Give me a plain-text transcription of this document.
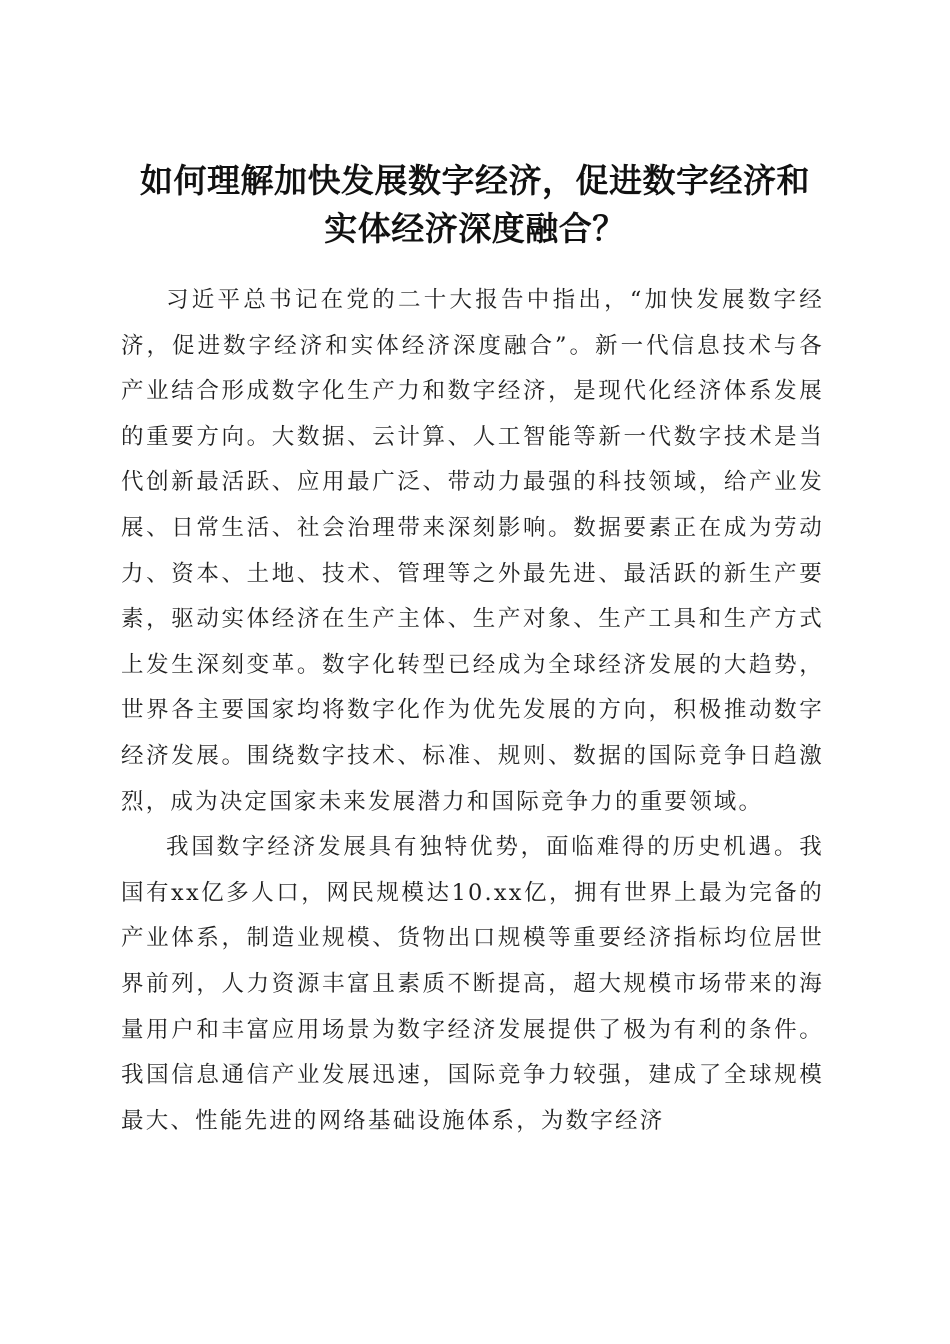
如何理解加快发展数字经济，促进数字经济和
实体经济深度融合？

习近平总书记在党的二十大报告中指出，“加快发展数字经济，促进数字经济和实体经济深度融合”。新一代信息技术与各产业结合形成数字化生产力和数字经济，是现代化经济体系发展的重要方向。大数据、云计算、人工智能等新一代数字技术是当代创新最活跃、应用最广泛、带动力最强的科技领域，给产业发展、日常生活、社会治理带来深刻影响。数据要素正在成为劳动力、资本、土地、技术、管理等之外最先进、最活跃的新生产要素，驱动实体经济在生产主体、生产对象、生产工具和生产方式上发生深刻变革。数字化转型已经成为全球经济发展的大趋势，世界各主要国家均将数字化作为优先发展的方向，积极推动数字经济发展。围绕数字技术、标准、规则、数据的国际竞争日趋激烈，成为决定国家未来发展潜力和国际竞争力的重要领域。

我国数字经济发展具有独特优势，面临难得的历史机遇。我国有xx亿多人口，网民规模达10.xx亿，拥有世界上最为完备的产业体系，制造业规模、货物出口规模等重要经济指标均位居世界前列，人力资源丰富且素质不断提高，超大规模市场带来的海量用户和丰富应用场景为数字经济发展提供了极为有利的条件。我国信息通信产业发展迅速，国际竞争力较强，建成了全球规模最大、性能先进的网络基础设施体系，为数字经济
